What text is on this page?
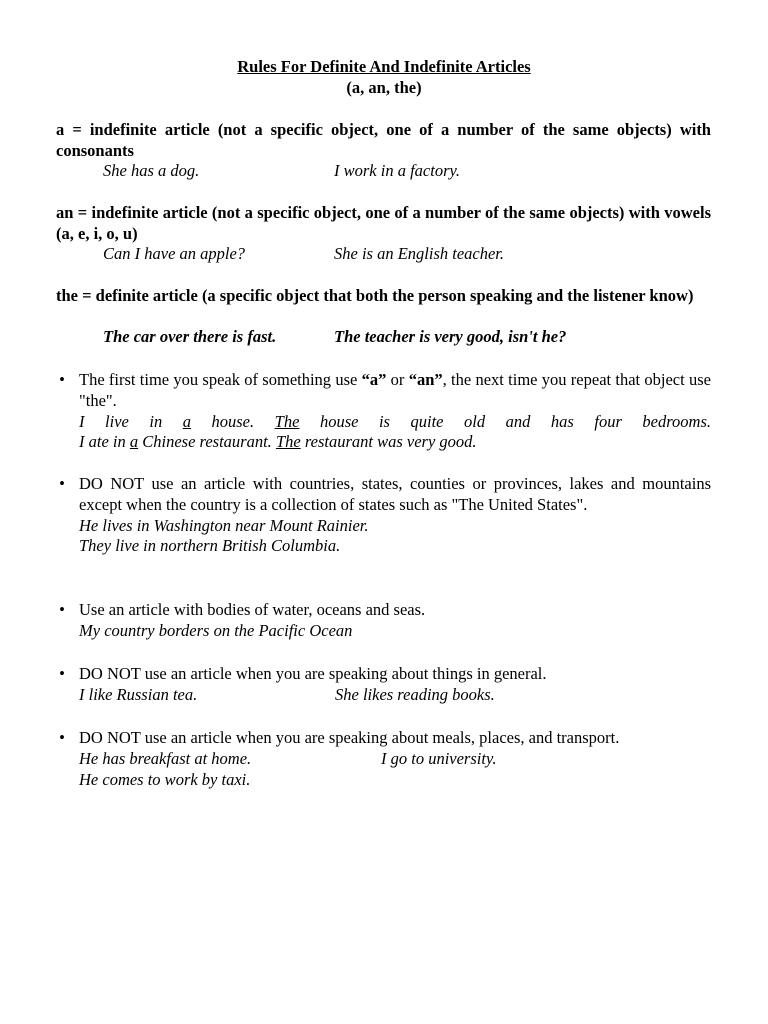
Rules For Definite And Indefinite Articles
(a, an, the)
a = indefinite article (not a specific object, one of a number of the same objects) with consonants
She has a dog.	I work in a factory.
an = indefinite article (not a specific object, one of a number of the same objects) with vowels (a, e, i, o, u)
Can I have an apple?	She is an English teacher.
the = definite article (a specific object that both the person speaking and the listener know)
The car over there is fast.	The teacher is very good, isn't he?
• The first time you speak of something use “a” or “an”, the next time you repeat that object use "the".
I live in a house. The house is quite old and has four bedrooms.
I ate in a Chinese restaurant. The restaurant was very good.
• DO NOT use an article with countries, states, counties or provinces, lakes and mountains except when the country is a collection of states such as "The United States".
He lives in Washington near Mount Rainier.
They live in northern British Columbia.
• Use an article with bodies of water, oceans and seas.
My country borders on the Pacific Ocean
• DO NOT use an article when you are speaking about things in general.
I like Russian tea.	She likes reading books.
• DO NOT use an article when you are speaking about meals, places, and transport.
He has breakfast at home.	I go to university.
He comes to work by taxi.
